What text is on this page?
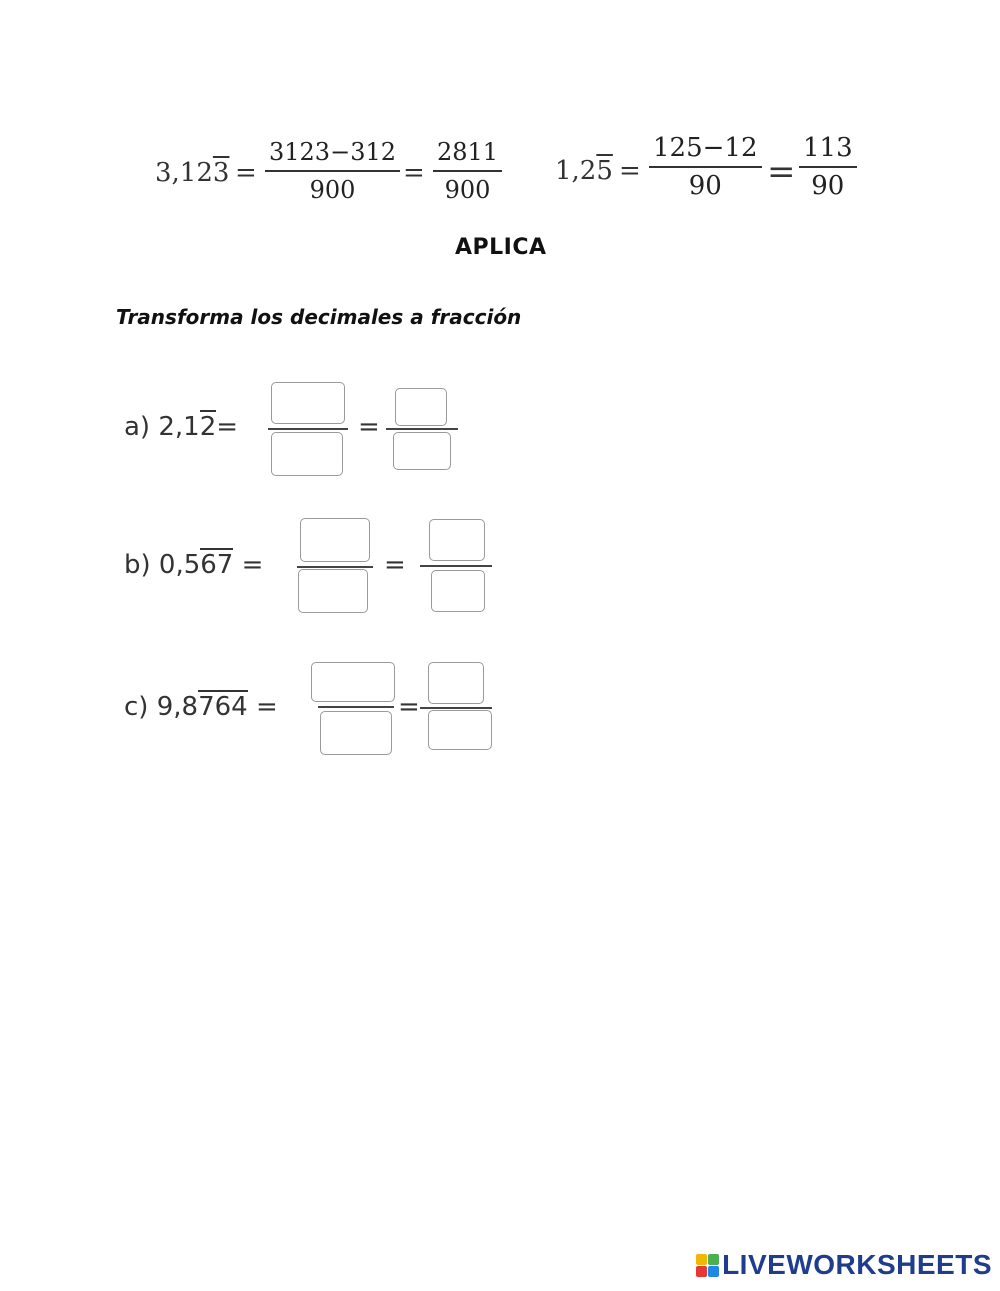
3,123 =
3123−312
900
=
2811
900
1,25 =
125−12
90 =
113
90
APLICA
Transforma los decimales a fracción
a) 2,12=	=
b) 0,567 =	=
c) 9,8764 =	=
LIVEWORKSHEETS
